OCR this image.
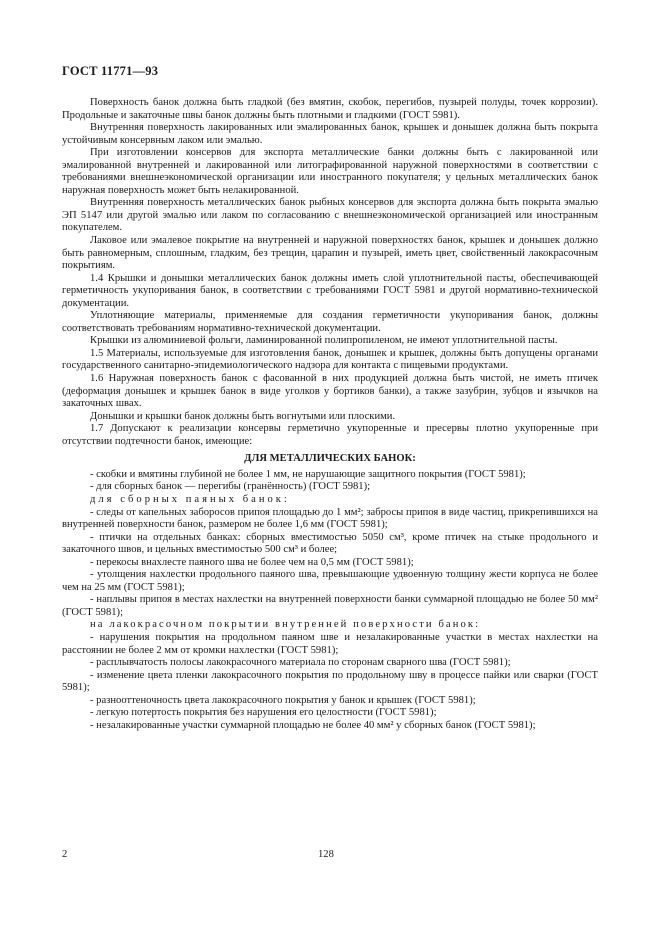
ГОСТ 11771—93

Поверхность банок должна быть гладкой (без вмятин, скобок, перегибов, пузырей полуды, точек коррозии). Продольные и закаточные швы банок должны быть плотными и гладкими (ГОСТ 5981).

Внутренняя поверхность лакированных или эмалированных банок, крышек и донышек должна быть покрыта устойчивым консервным лаком или эмалью.

При изготовлении консервов для экспорта металлические банки должны быть с лакированной или эмалированной внутренней и лакированной или литографированной наружной поверхностями в соответствии с требованиями внешнеэкономической организации или иностранного покупателя; у цельных металлических банок наружная поверхность может быть нелакированной.

Внутренняя поверхность металлических банок рыбных консервов для экспорта должна быть покрыта эмалью ЭП 5147 или другой эмалью или лаком по согласованию с внешнеэкономической организацией или иностранным покупателем.

Лаковое или эмалевое покрытие на внутренней и наружной поверхностях банок, крышек и донышек должно быть равномерным, сплошным, гладким, без трещин, царапин и пузырей, иметь цвет, свойственный лакокрасочным покрытиям.

1.4 Крышки и донышки металлических банок должны иметь слой уплотнительной пасты, обеспечивающей герметичность укупоривания банок, в соответствии с требованиями ГОСТ 5981 и другой нормативно-технической документации.

Уплотняющие материалы, применяемые для создания герметичности укупоривания банок, должны соответствовать требованиям нормативно-технической документации.

Крышки из алюминиевой фольги, ламинированной полипропиленом, не имеют уплотнительной пасты.

1.5 Материалы, используемые для изготовления банок, донышек и крышек, должны быть допущены органами государственного санитарно-эпидемиологического надзора для контакта с пищевыми продуктами.

1.6 Наружная поверхность банок с фасованной в них продукцией должна быть чистой, не иметь птичек (деформация донышек и крышек банок в виде уголков у бортиков банки), а также зазубрин, зубцов и язычков на закаточных швах.

Донышки и крышки банок должны быть вогнутыми или плоскими.

1.7 Допускают к реализации консервы герметично укупоренные и пресервы плотно укупоренные при отсутствии подтечности банок, имеющие:

ДЛЯ МЕТАЛЛИЧЕСКИХ БАНОК:

- скобки и вмятины глубиной не более 1 мм, не нарушающие защитного покрытия (ГОСТ 5981);

- для сборных банок — перегибы (гранённость) (ГОСТ 5981);

для сборных паяных банок:

- следы от капельных заборосов припоя площадью до 1 мм²; забросы припоя в виде частиц, прикрепившихся на внутренней поверхности банок, размером не более 1,6 мм (ГОСТ 5981);

- птички на отдельных банках: сборных вместимостью 5050 см³, кроме птичек на стыке продольного и закаточного швов, и цельных вместимостью 500 см³ и более;

- перекосы внахлесте паяного шва не более чем на 0,5 мм (ГОСТ 5981);

- утолщения нахлестки продольного паяного шва, превышающие удвоенную толщину жести корпуса не более чем на 25 мм (ГОСТ 5981);

- наплывы припоя в местах нахлестки на внутренней поверхности банки суммарной площадью не более 50 мм² (ГОСТ 5981);

на лакокрасочном покрытии внутренней поверхности банок:

- нарушения покрытия на продольном паяном шве и незалакированные участки в местах нахлестки на расстоянии не более 2 мм от кромки нахлестки (ГОСТ 5981);

- расплывчатость полосы лакокрасочного материала по сторонам сварного шва (ГОСТ 5981);

- изменение цвета пленки лакокрасочного покрытия по продольному шву в процессе пайки или сварки (ГОСТ 5981);

- разнооттеночность цвета лакокрасочного покрытия у банок и крышек (ГОСТ 5981);

- легкую потертость покрытия без нарушения его целостности (ГОСТ 5981);

- незалакированные участки суммарной площадью не более 40 мм² у сборных банок (ГОСТ 5981);

2	128
